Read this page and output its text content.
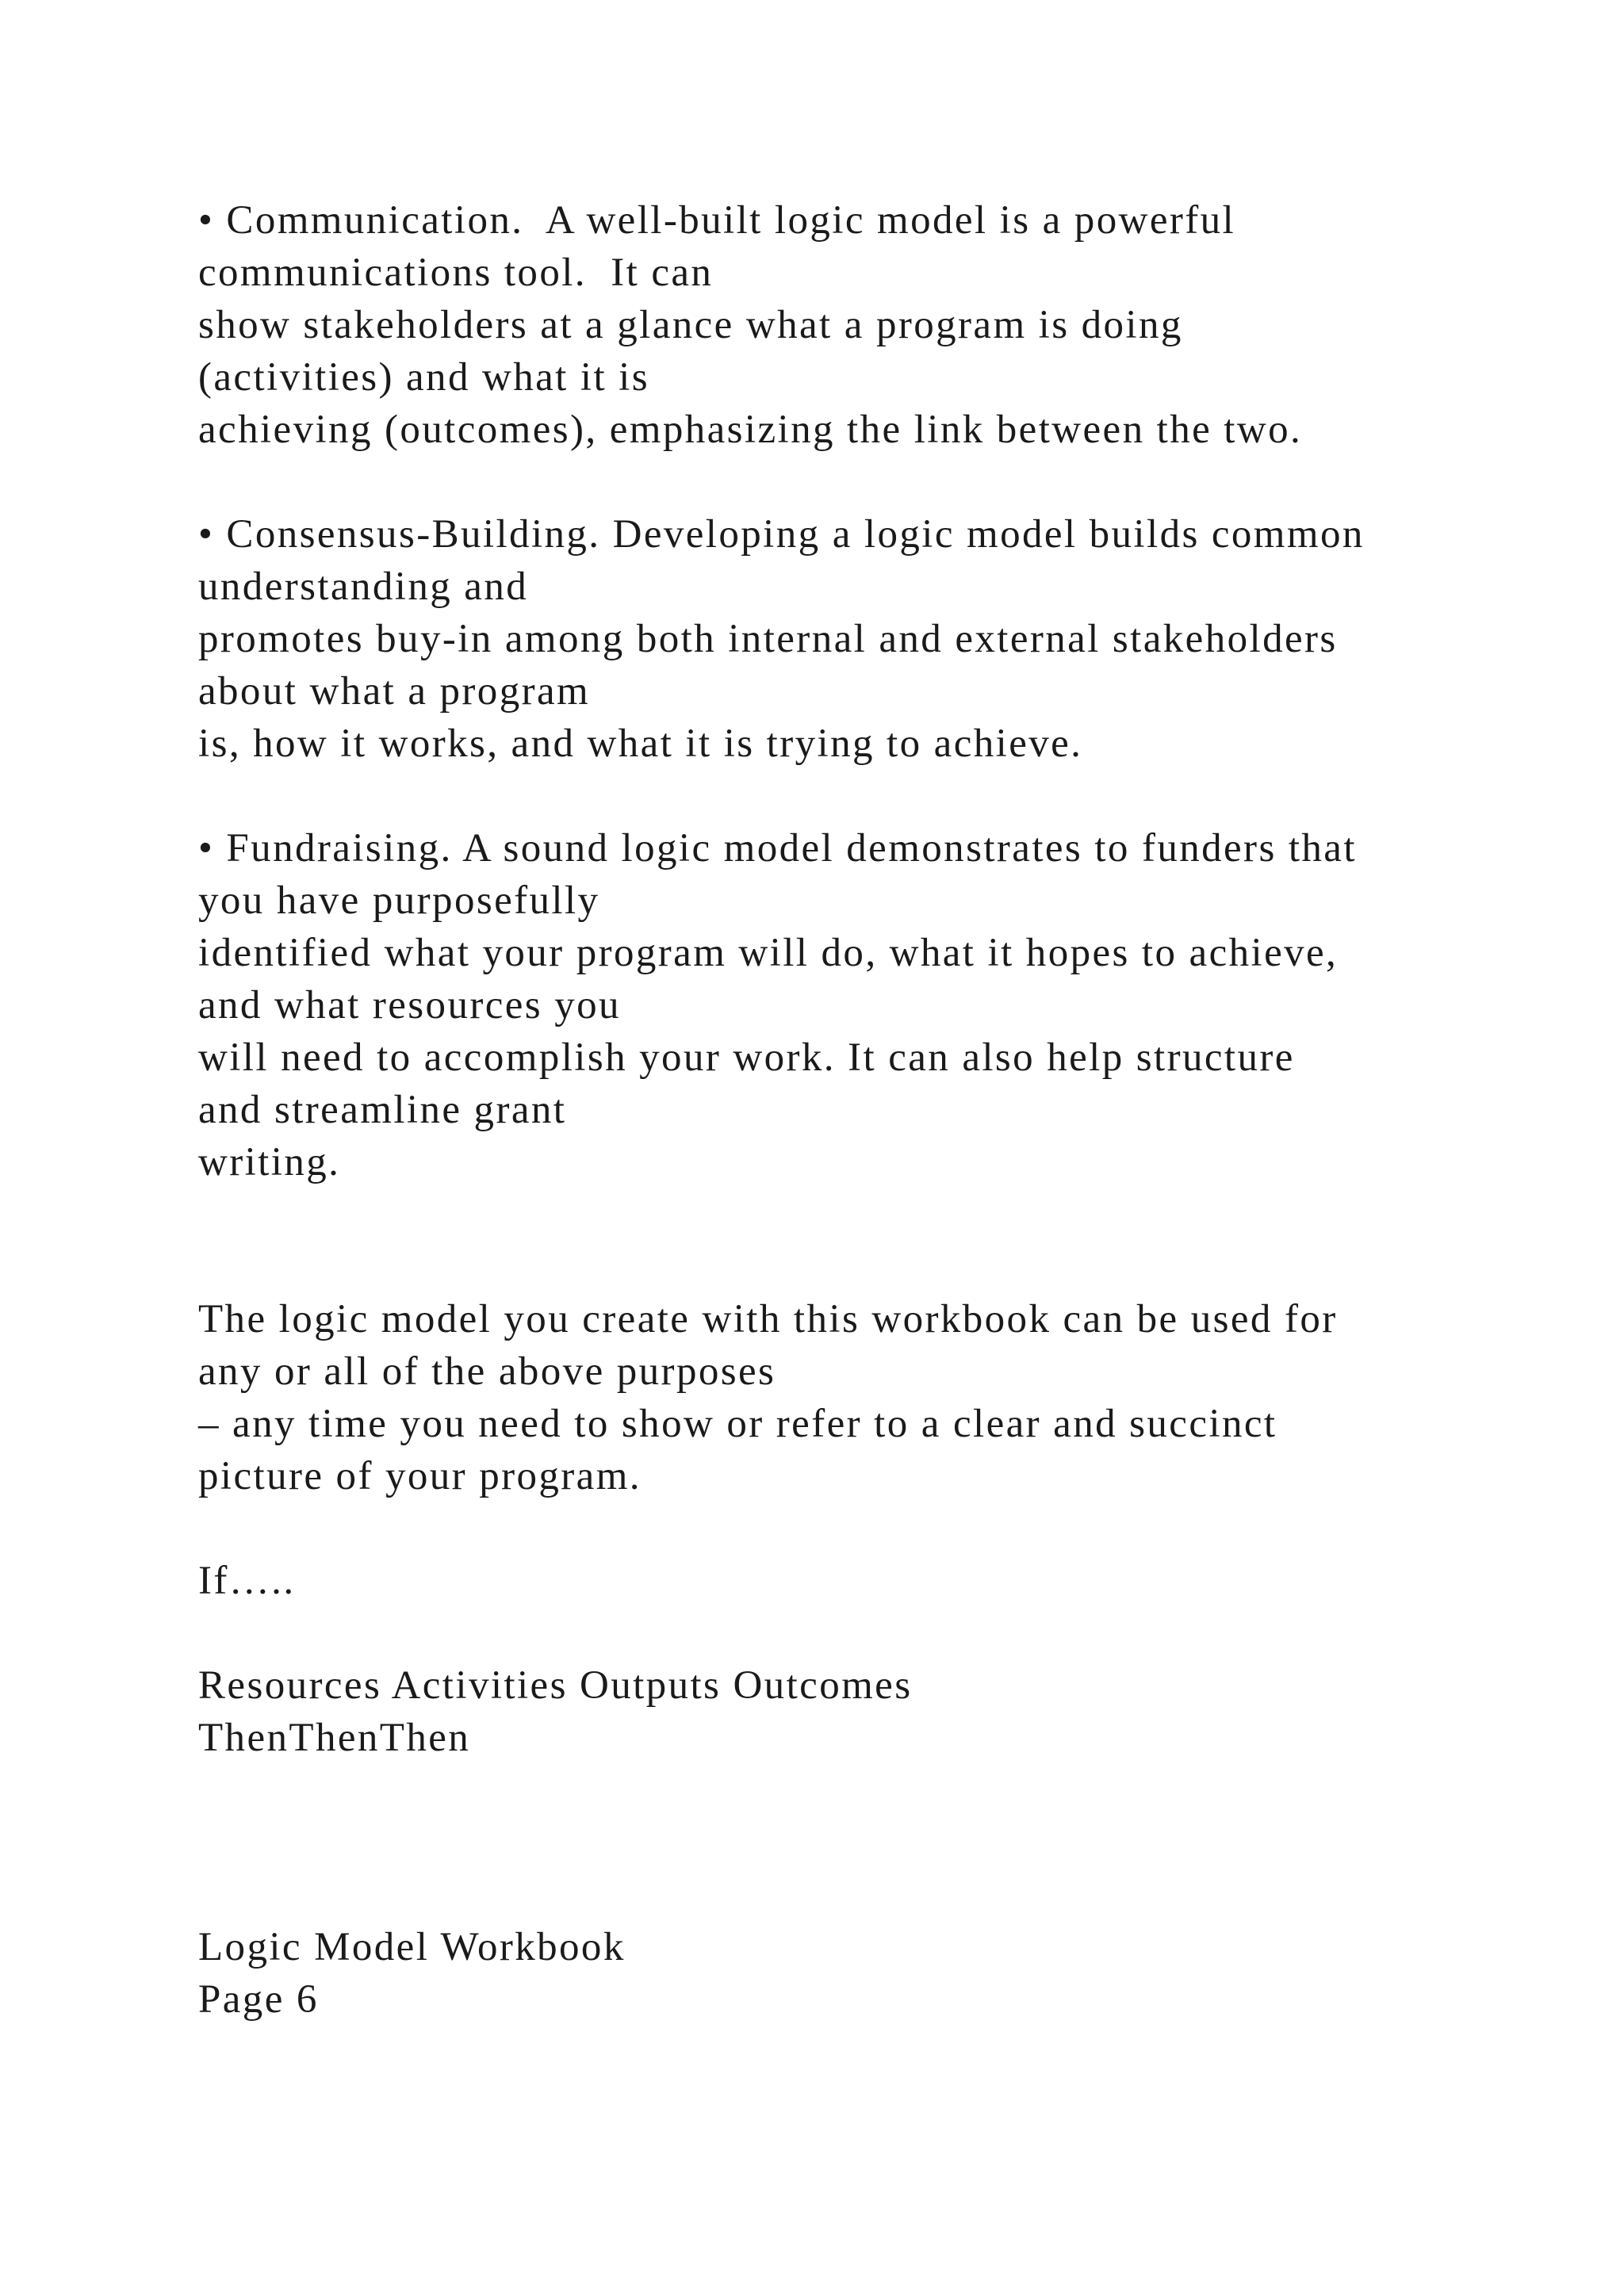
• Communication.  A well-built logic model is a powerful
communications tool.  It can
show stakeholders at a glance what a program is doing
(activities) and what it is
achieving (outcomes), emphasizing the link between the two.
• Consensus-Building. Developing a logic model builds common
understanding and
promotes buy-in among both internal and external stakeholders
about what a program
is, how it works, and what it is trying to achieve.
• Fundraising. A sound logic model demonstrates to funders that
you have purposefully
identified what your program will do, what it hopes to achieve,
and what resources you
will need to accomplish your work. It can also help structure
and streamline grant
writing.
The logic model you create with this workbook can be used for
any or all of the above purposes
– any time you need to show or refer to a clear and succinct
picture of your program.
If…..
Resources Activities Outputs Outcomes
ThenThenThen
Logic Model Workbook
Page 6
